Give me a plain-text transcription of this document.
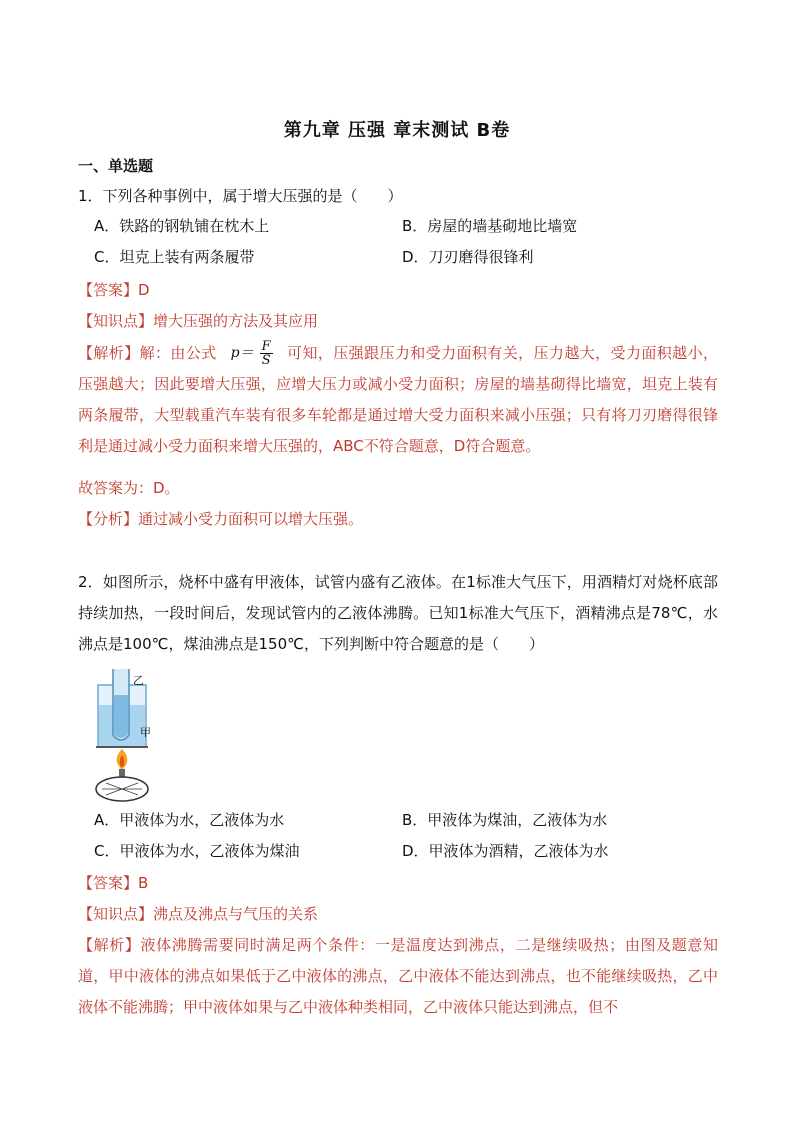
第九章 压强 章末测试 B卷
一、单选题
1．下列各种事例中，属于增大压强的是（　　）
A．铁路的钢轨铺在枕木上	B．房屋的墙基砌地比墙宽
C．坦克上装有两条履带	D．刀刃磨得很锋利
【答案】D
【知识点】增大压强的方法及其应用
【解析】解：由公式 $p= \frac{F}{S}$ 可知，压强跟压力和受力面积有关，压力越大，受力面积越小，压强越大；因此要增大压强，应增大压力或减小受力面积；房屋的墙基砌得比墙宽，坦克上装有两条履带，大型载重汽车装有很多车轮都是通过增大受力面积来减小压强；只有将刀刃磨得很锋利是通过减小受力面积来增大压强的，ABC不符合题意，D符合题意。
故答案为：D。
【分析】通过减小受力面积可以增大压强。
2．如图所示，烧杯中盛有甲液体，试管内盛有乙液体。在1标准大气压下，用酒精灯对烧杯底部持续加热，一段时间后，发现试管内的乙液体沸腾。已知1标准大气压下，酒精沸点是78℃，水沸点是100℃，煤油沸点是150℃，下列判断中符合题意的是（　　）
乙
甲
A．甲液体为水，乙液体为水	B．甲液体为煤油，乙液体为水
C．甲液体为水，乙液体为煤油	D．甲液体为酒精，乙液体为水
【答案】B
【知识点】沸点及沸点与气压的关系
【解析】液体沸腾需要同时满足两个条件：一是温度达到沸点，二是继续吸热；由图及题意知道，甲中液体的沸点如果低于乙中液体的沸点，乙中液体不能达到沸点，也不能继续吸热，乙中液体不能沸腾；甲中液体如果与乙中液体种类相同，乙中液体只能达到沸点，但不
